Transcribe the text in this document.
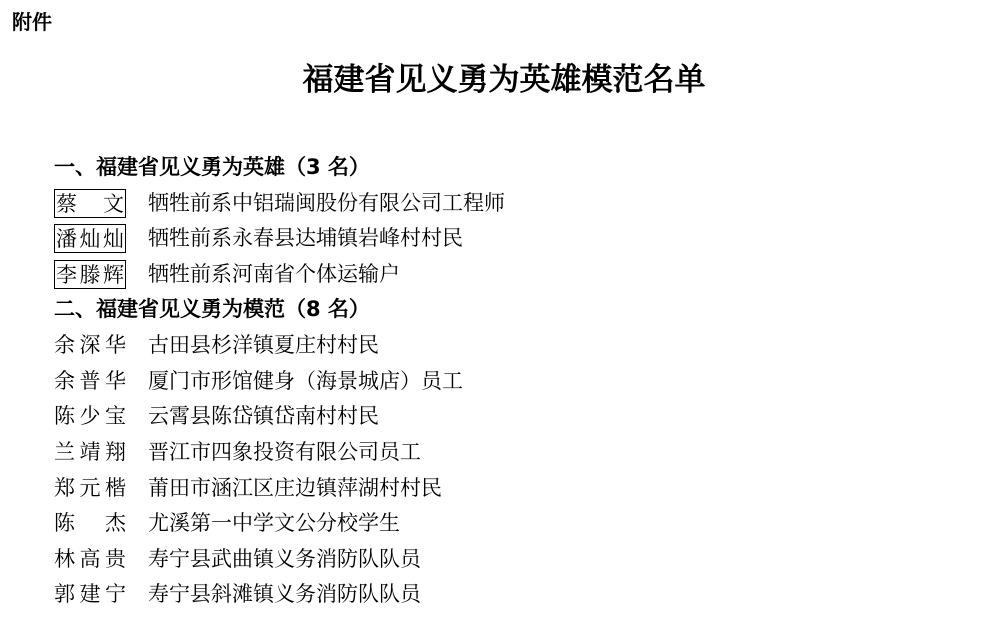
附件
福建省见义勇为英雄模范名单
一、福建省见义勇为英雄（3 名）
蔡 文 牺牲前系中铝瑞闽股份有限公司工程师
潘 灿 灿 牺牲前系永春县达埔镇岩峰村村民
李 滕 辉 牺牲前系河南省个体运输户
二、福建省见义勇为模范（8 名）
余 深 华 古田县杉洋镇夏庄村村民
余 普 华 厦门市形馆健身（海景城店）员工
陈 少 宝 云霄县陈岱镇岱南村村民
兰 靖 翔 晋江市四象投资有限公司员工
郑 元 楷 莆田市涵江区庄边镇萍湖村村民
陈 杰 尤溪第一中学文公分校学生
林 高 贵 寿宁县武曲镇义务消防队队员
郭 建 宁 寿宁县斜滩镇义务消防队队员
